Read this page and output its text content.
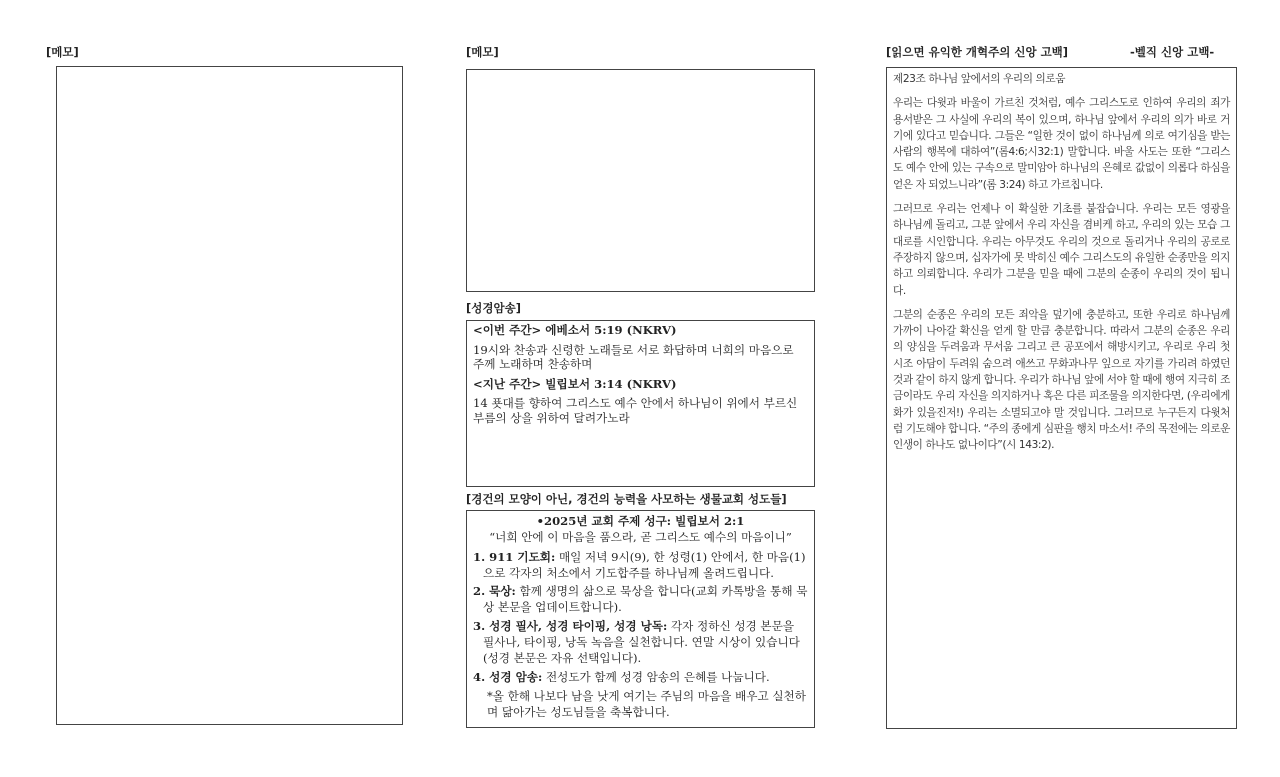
[메모]	[메모]
[성경암송]

<이번 주간> 에베소서 5:19 (NKRV)

19시와 찬송과 신령한 노래들로 서로 화답하며 너희의 마음으로 주께 노래하며 찬송하며

<지난 주간> 빌립보서 3:14 (NKRV)

14 푯대를 향하여 그리스도 예수 안에서 하나님이 위에서 부르신 부름의 상을 위하여 달려가노라

[경건의 모양이 아닌, 경건의 능력을 사모하는 생물교회 성도들]
•2025년 교회 주제 성구: 빌립보서 2:1
“너희 안에 이 마음을 품으라, 곧 그리스도 예수의 마음이니”
1. 911 기도회: 매일 저녁 9시(9), 한 성령(1) 안에서, 한 마음(1)으로 각자의 처소에서 기도합주를 하나님께 올려드립니다.
2. 묵상: 함께 생명의 삶으로 묵상을 합니다(교회 카톡방을 통해 묵상 본문을 업데이트합니다).
3. 성경 필사, 성경 타이핑, 성경 낭독: 각자 정하신 성경 본문을 필사나, 타이핑, 낭독 녹음을 실천합니다. 연말 시상이 있습니다(성경 본문은 자유 선택입니다).
4. 성경 암송: 전성도가 함께 성경 암송의 은혜를 나눕니다.
*올 한해 나보다 남을 낫게 여기는 주님의 마음을 배우고 실천하며 닮아가는 성도님들을 축복합니다.
[읽으면 유익한 개혁주의 신앙 고백]	-벨직 신앙 고백-
제23조 하나님 앞에서의 우리의 의로움

우리는 다윗과 바울이 가르친 것처럼, 예수 그리스도로 인하여 우리의 죄가 용서받은 그 사실에 우리의 복이 있으며, 하나님 앞에서 우리의 의가 바로 거기에 있다고 믿습니다. 그들은 “일한 것이 없이 하나님께 의로 여기심을 받는 사람의 행복에 대하여”(롬4:6;시32:1) 말합니다. 바울 사도는 또한 “그리스도 예수 안에 있는 구속으로 말미암아 하나님의 은혜로 값없이 의롭다 하심을 얻은 자 되었느니라”(롬 3:24) 하고 가르칩니다.

그러므로 우리는 언제나 이 확실한 기초를 붙잡습니다. 우리는 모든 영광을 하나님께 돌리고, 그분 앞에서 우리 자신을 겸비케 하고, 우리의 있는 모습 그대로를 시인합니다. 우리는 아무것도 우리의 것으로 돌리거나 우리의 공로로 주장하지 않으며, 십자가에 못 박히신 예수 그리스도의 유일한 순종만을 의지하고 의뢰합니다. 우리가 그분을 믿을 때에 그분의 순종이 우리의 것이 됩니다.

그분의 순종은 우리의 모든 죄악을 덮기에 충분하고, 또한 우리로 하나님께 가까이 나아갈 확신을 얻게 할 만큼 충분합니다. 따라서 그분의 순종은 우리의 양심을 두려움과 무서움 그리고 큰 공포에서 해방시키고, 우리로 우리 첫 시조 아담이 두려워 숨으려 애쓰고 무화과나무 잎으로 자기를 가리려 하였던 것과 같이 하지 않게 합니다. 우리가 하나님 앞에 서야 할 때에 행여 지극히 조금이라도 우리 자신을 의지하거나 혹은 다른 피조물을 의지한다면, (우리에게 화가 있을진저!) 우리는 소멸되고야 말 것입니다. 그러므로 누구든지 다윗처럼 기도해야 합니다. “주의 종에게 심판을 행치 마소서! 주의 목전에는 의로운 인생이 하나도 없나이다”(시 143:2).
